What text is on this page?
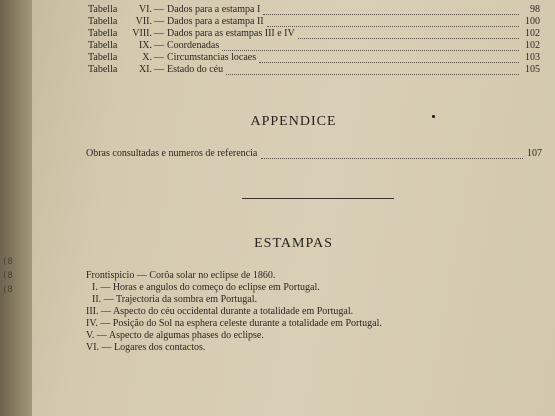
(8
(8
(8
Tabella	VI. — Dados para a estampa I	98
Tabella	VII. — Dados para a estampa II	100
Tabella	VIII. — Dados para as estampas III e IV	102
Tabella	IX. — Coordenadas	102
Tabella	X. — Circumstancias locaes	103
Tabella	XI. — Estado do céu	105
APPENDICE
Obras consultadas e numeros de referencia	107
ESTAMPAS
Frontispicio — Corôa solar no eclipse de 1860.
I. — Horas e angulos do começo do eclipse em Portugal.
II. — Trajectoria da sombra em Portugal.
III. — Aspecto do céu occidental durante a totalidade em Portugal.
IV. — Posição do Sol na esphera celeste durante a totalidade em Portugal.
V. — Aspecto de algumas phases do eclipse.
VI. — Logares dos contactos.
